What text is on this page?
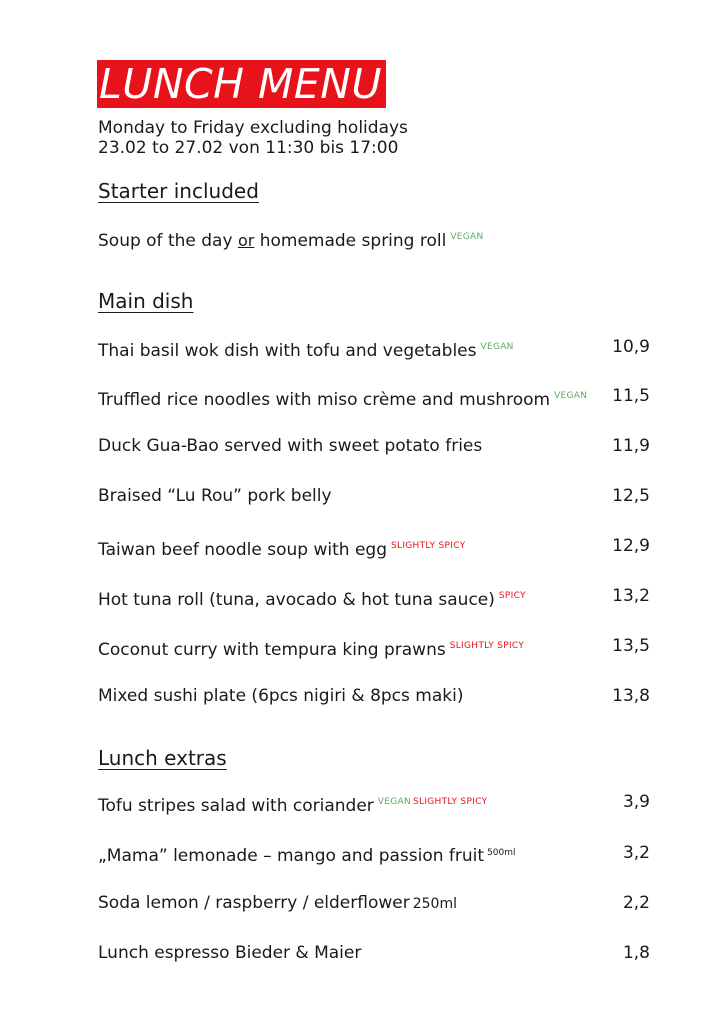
LUNCH MENU
Monday to Friday excluding holidays
23.02 to 27.02 von 11:30 bis 17:00
Starter included
Soup of the day or homemade spring roll $^{VEGAN}$
Main dish
Thai basil wok dish with tofu and vegetables $^{VEGAN}$	10,9
Truffled rice noodles with miso crème and mushroom $^{VEGAN}$ 11,5
Duck Gua-Bao served with sweet potato fries	11,9
Braised “Lu Rou” pork belly	12,5
Taiwan beef noodle soup with egg $^{SLIGHTLY SPICY}$	12,9
Hot tuna roll (tuna, avocado & hot tuna sauce) $^{SPICY}$	13,2
Coconut curry with tempura king prawns $^{SLIGHTLY SPICY}$	13,5
Mixed sushi plate (6pcs nigiri & 8pcs maki)	13,8
Lunch extras
Tofu stripes salad with coriander $^{VEGAN}$ $^{SLIGHTLY SPICY}$	3,9
„Mama” lemonade – mango and passion fruit $^{500ml}$	3,2
Soda lemon / raspberry / elderflower 250ml	2,2
Lunch espresso Bieder & Maier	1,8
